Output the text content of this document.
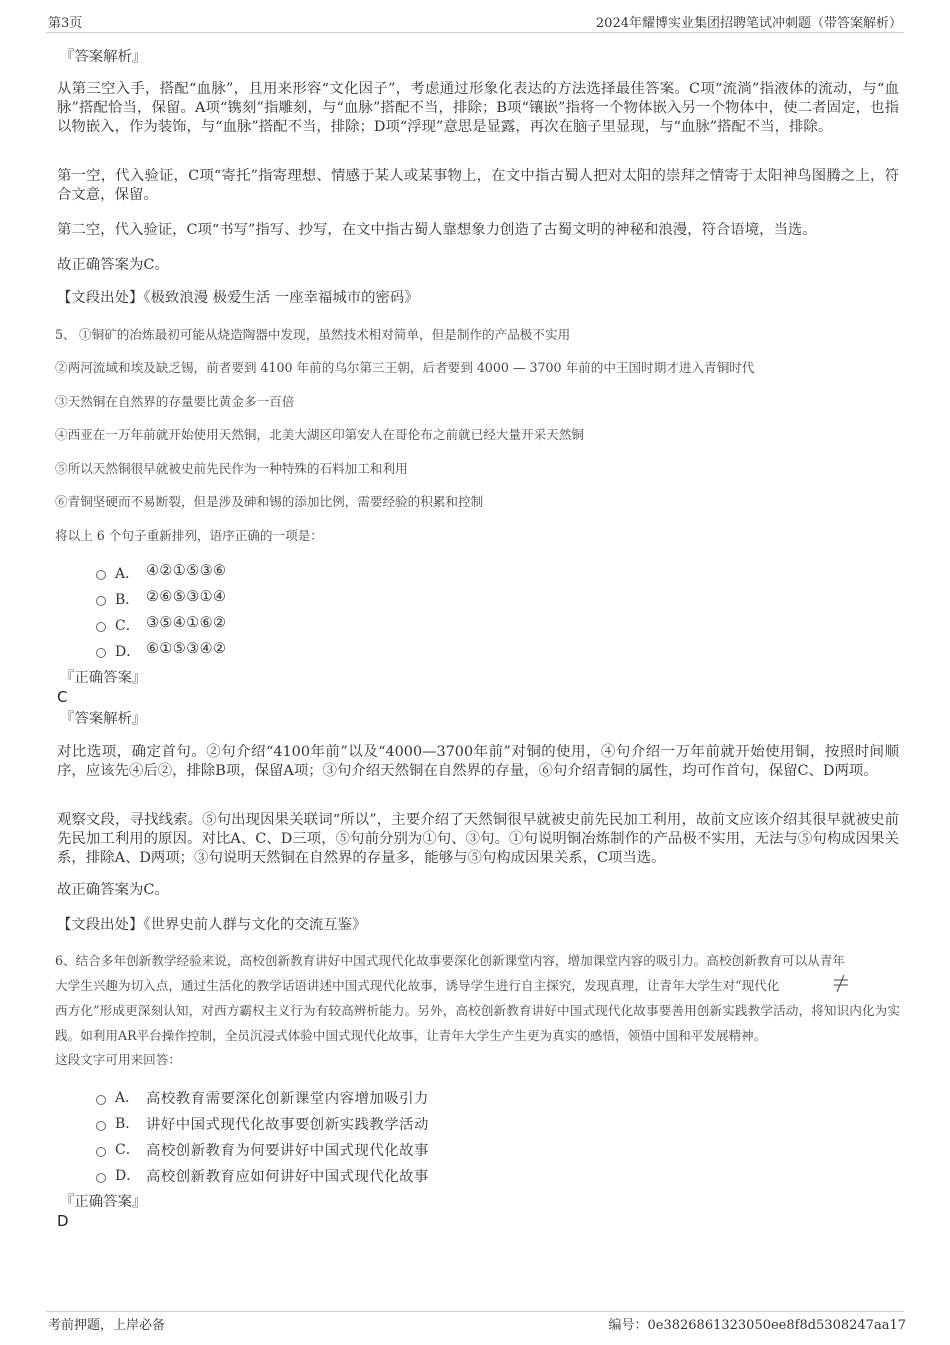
第3页	2024年耀博实业集团招聘笔试冲刺题（带答案解析）
『答案解析』

从第三空入手，搭配“血脉”，且用来形容“文化因子”，考虑通过形象化表达的方法选择最佳答案。C项“流淌”指液体的流动，与“血脉”搭配恰当，保留。A项“镌刻”指雕刻，与“血脉”搭配不当，排除；B项“镶嵌”指将一个物体嵌入另一个物体中，使二者固定，也指以物嵌入，作为装饰，与“血脉”搭配不当，排除；D项“浮现”意思是显露，再次在脑子里显现，与“血脉”搭配不当，排除。

第一空，代入验证，C项“寄托”指寄理想、情感于某人或某事物上，在文中指古蜀人把对太阳的崇拜之情寄于太阳神鸟图腾之上，符合文意，保留。

第二空，代入验证，C项“书写”指写、抄写，在文中指古蜀人靠想象力创造了古蜀文明的神秘和浪漫，符合语境，当选。

故正确答案为C。

【文段出处】《极致浪漫 极爱生活 一座幸福城市的密码》
5、 ①铜矿的冶炼最初可能从烧造陶器中发现，虽然技术相对简单，但是制作的产品极不实用
②两河流域和埃及缺乏锡，前者要到 4100 年前的乌尔第三王朝，后者要到 4000 — 3700 年前的中王国时期才进入青铜时代
③天然铜在自然界的存量要比黄金多一百倍
④西亚在一万年前就开始使用天然铜，北美大湖区印第安人在哥伦布之前就已经大量开采天然铜
⑤所以天然铜很早就被史前先民作为一种特殊的石料加工和利用
⑥青铜坚硬而不易断裂，但是涉及砷和锡的添加比例，需要经验的积累和控制
将以上 6 个句子重新排列，语序正确的一项是：
A． ④②①⑤③⑥
B． ②⑥⑤③①④
C． ③⑤④①⑥②
D． ⑥①⑤③④②
『正确答案』
C
『答案解析』

对比选项，确定首句。②句介绍“4100年前”以及“4000—3700年前”对铜的使用，④句介绍一万年前就开始使用铜，按照时间顺序，应该先④后②，排除B项，保留A项；③句介绍天然铜在自然界的存量，⑥句介绍青铜的属性，均可作首句，保留C、D两项。

观察文段，寻找线索。⑤句出现因果关联词“所以”，主要介绍了天然铜很早就被史前先民加工利用，故前文应该介绍其很早就被史前先民加工利用的原因。对比A、C、D三项，⑤句前分别为①句、③句。①句说明铜冶炼制作的产品极不实用，无法与⑤句构成因果关系，排除A、D两项；③句说明天然铜在自然界的存量多，能够与⑤句构成因果关系，C项当选。

故正确答案为C。

【文段出处】《世界史前人群与文化的交流互鉴》

6、结合多年创新教学经验来说，高校创新教育讲好中国式现代化故事要深化创新课堂内容，增加课堂内容的吸引力。高校创新教育可以从青年大学生兴趣为切入点，通过生活化的教学话语讲述中国式现代化故事，诱导学生进行自主探究，发现真理，让青年大学生对“现代化

西方化”形成更深刻认知，对西方霸权主义行为有较高辨析能力。另外，高校创新教育讲好中国式现代化故事要善用创新实践教学活动，将知识内化为实践。如利用AR平台操作控制，全员沉浸式体验中国式现代化故事，让青年大学生产生更为真实的感悟，领悟中国和平发展精神。

这段文字可用来回答：
A． 高校教育需要深化创新课堂内容增加吸引力
B． 讲好中国式现代化故事要创新实践教学活动
C． 高校创新教育为何要讲好中国式现代化故事
D． 高校创新教育应如何讲好中国式现代化故事
『正确答案』
D
考前押题，上岸必备	编号：0e3826861323050ee8f8d5308247aa17
